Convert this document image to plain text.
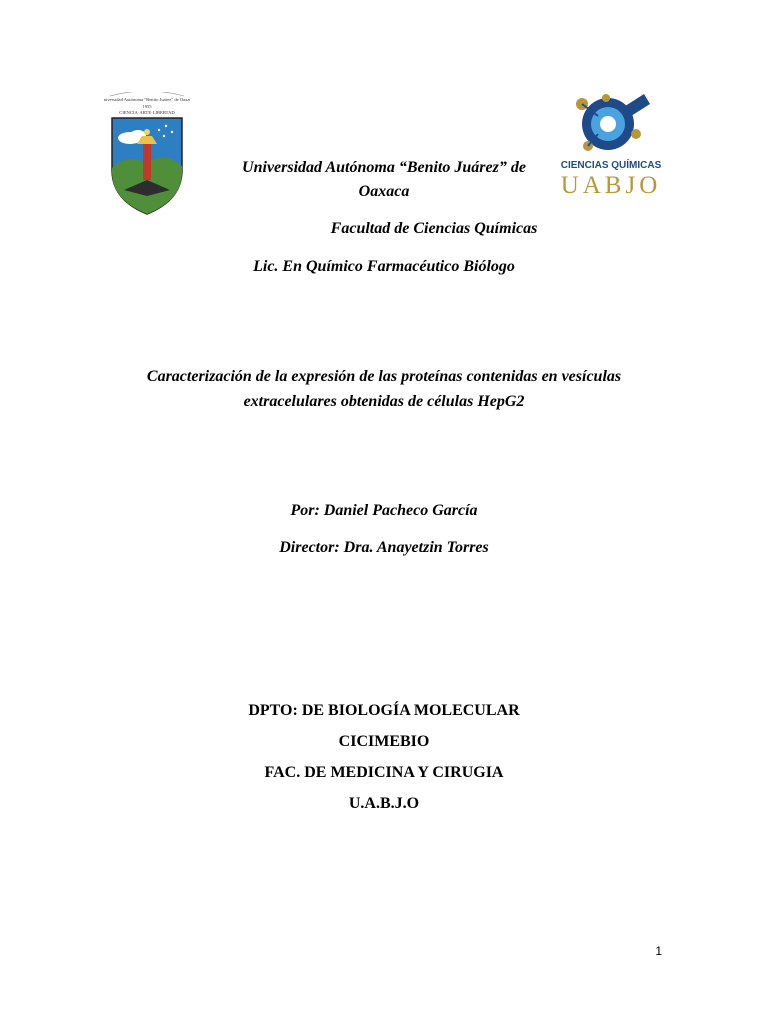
Universidad Autónoma "Benito Juárez" de Oaxaca
1955
CIENCIA·ARTE·LIBERTAD
CIENCIAS QUÍMICAS
UABJO
Universidad Autónoma “Benito Juárez” de
Oaxaca
Facultad de Ciencias Químicas
Lic. En Químico Farmacéutico Biólogo
Caracterización de la expresión de las proteínas contenidas en vesículas
extracelulares obtenidas de células HepG2
Por: Daniel Pacheco García
Director: Dra. Anayetzin Torres
DPTO: DE BIOLOGÍA MOLECULAR
CICIMEBIO
FAC. DE MEDICINA Y CIRUGIA
U.A.B.J.O
1
